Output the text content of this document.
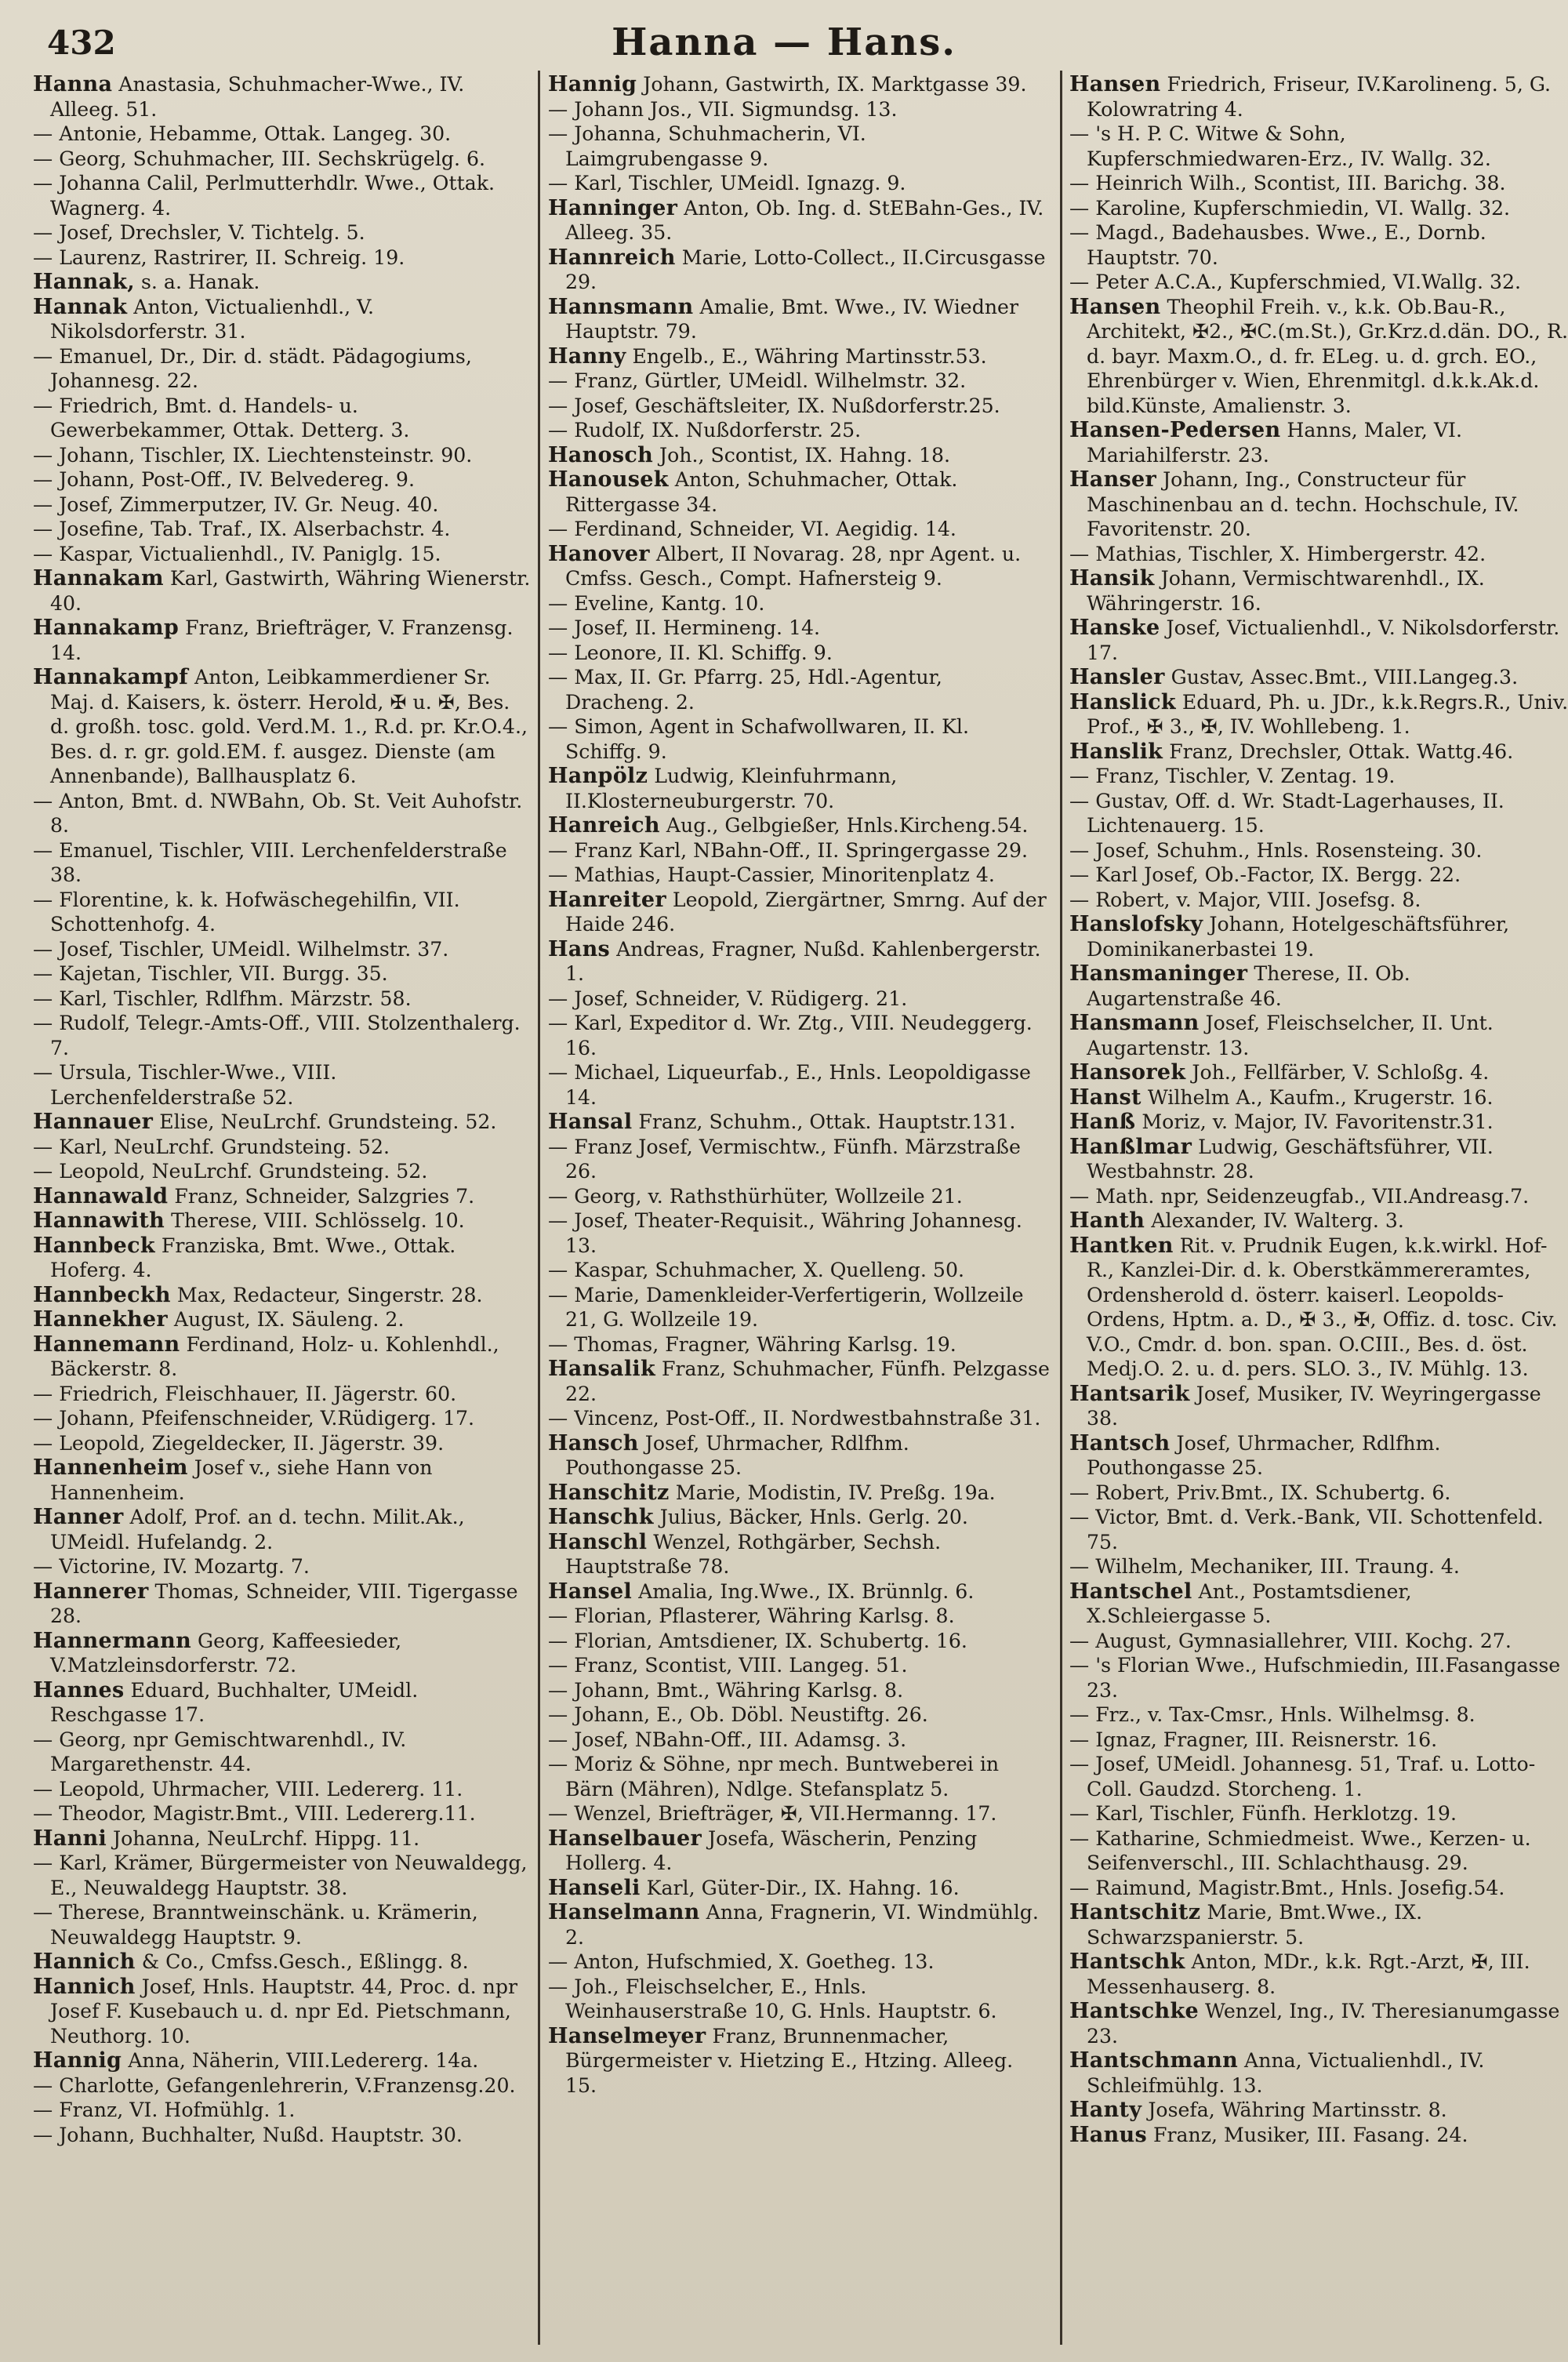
Hanna — Hans.
432

Hanna Anastasia, Schuhmacher-Wwe., IV. Alleeg. 51.

— Antonie, Hebamme, Ottak. Langeg. 30.

— Georg, Schuhmacher, III. Sechskrügelg. 6.

— Johanna Calil, Perlmutterhdlr. Wwe., Ottak. Wagnerg. 4.

— Josef, Drechsler, V. Tichtelg. 5.

— Laurenz, Rastrirer, II. Schreig. 19.

Hannak, s. a. Hanak.

Hannak Anton, Victualienhdl., V. Nikolsdorferstr. 31.

— Emanuel, Dr., Dir. d. städt. Pädagogiums, Johannesg. 22.

— Friedrich, Bmt. d. Handels- u. Gewerbekammer, Ottak. Detterg. 3.

— Johann, Tischler, IX. Liechtensteinstr. 90.

— Johann, Post-Off., IV. Belvedereg. 9.

— Josef, Zimmerputzer, IV. Gr. Neug. 40.

— Josefine, Tab. Traf., IX. Alserbachstr. 4.

— Kaspar, Victualienhdl., IV. Paniglg. 15.

Hannakam Karl, Gastwirth, Währing Wienerstr. 40.

Hannakamp Franz, Briefträger, V. Franzensg. 14.

Hannakampf Anton, Leibkammerdiener Sr. Maj. d. Kaisers, k. österr. Herold, ✠ u. ✠, Bes. d. großh. tosc. gold. Verd.M. 1., R.d. pr. Kr.O.4., Bes. d. r. gr. gold.EM. f. ausgez. Dienste (am Annenbande), Ballhausplatz 6.

— Anton, Bmt. d. NWBahn, Ob. St. Veit Auhofstr. 8.

— Emanuel, Tischler, VIII. Lerchenfelderstraße 38.

— Florentine, k. k. Hofwäschegehilfin, VII. Schottenhofg. 4.

— Josef, Tischler, UMeidl. Wilhelmstr. 37.

— Kajetan, Tischler, VII. Burgg. 35.

— Karl, Tischler, Rdlfhm. Märzstr. 58.

— Rudolf, Telegr.-Amts-Off., VIII. Stolzenthalerg. 7.

— Ursula, Tischler-Wwe., VIII. Lerchenfelderstraße 52.

Hannauer Elise, NeuLrchf. Grundsteing. 52.

— Karl, NeuLrchf. Grundsteing. 52.

— Leopold, NeuLrchf. Grundsteing. 52.

Hannawald Franz, Schneider, Salzgries 7.

Hannawith Therese, VIII. Schlösselg. 10.

Hannbeck Franziska, Bmt. Wwe., Ottak. Hoferg. 4.

Hannbeckh Max, Redacteur, Singerstr. 28.

Hannekher August, IX. Säuleng. 2.

Hannemann Ferdinand, Holz- u. Kohlenhdl., Bäckerstr. 8.

— Friedrich, Fleischhauer, II. Jägerstr. 60.

— Johann, Pfeifenschneider, V.Rüdigerg. 17.

— Leopold, Ziegeldecker, II. Jägerstr. 39.

Hannenheim Josef v., siehe Hann von Hannenheim.

Hanner Adolf, Prof. an d. techn. Milit.Ak., UMeidl. Hufelandg. 2.

— Victorine, IV. Mozartg. 7.

Hannerer Thomas, Schneider, VIII. Tigergasse 28.

Hannermann Georg, Kaffeesieder, V.Matzleinsdorferstr. 72.

Hannes Eduard, Buchhalter, UMeidl. Reschgasse 17.

— Georg, npr Gemischtwarenhdl., IV. Margarethenstr. 44.

— Leopold, Uhrmacher, VIII. Ledererg. 11.

— Theodor, Magistr.Bmt., VIII. Ledererg.11.

Hanni Johanna, NeuLrchf. Hippg. 11.

— Karl, Krämer, Bürgermeister von Neuwaldegg, E., Neuwaldegg Hauptstr. 38.

— Therese, Branntweinschänk. u. Krämerin, Neuwaldegg Hauptstr. 9.

Hannich & Co., Cmfss.Gesch., Eßlingg. 8.

Hannich Josef, Hnls. Hauptstr. 44, Proc. d. npr Josef F. Kusebauch u. d. npr Ed. Pietschmann, Neuthorg. 10.

Hannig Anna, Näherin, VIII.Ledererg. 14a.

— Charlotte, Gefangenlehrerin, V.Franzensg.20.

— Franz, VI. Hofmühlg. 1.

— Johann, Buchhalter, Nußd. Hauptstr. 30.

Hannig Johann, Gastwirth, IX. Marktgasse 39.

— Johann Jos., VII. Sigmundsg. 13.

— Johanna, Schuhmacherin, VI. Laimgrubengasse 9.

— Karl, Tischler, UMeidl. Ignazg. 9.

Hanninger Anton, Ob. Ing. d. StEBahn-Ges., IV. Alleeg. 35.

Hannreich Marie, Lotto-Collect., II.Circusgasse 29.

Hannsmann Amalie, Bmt. Wwe., IV. Wiedner Hauptstr. 79.

Hanny Engelb., E., Währing Martinsstr.53.

— Franz, Gürtler, UMeidl. Wilhelmstr. 32.

— Josef, Geschäftsleiter, IX. Nußdorferstr.25.

— Rudolf, IX. Nußdorferstr. 25.

Hanosch Joh., Scontist, IX. Hahng. 18.

Hanousek Anton, Schuhmacher, Ottak. Rittergasse 34.

— Ferdinand, Schneider, VI. Aegidig. 14.

Hanover Albert, II Novarag. 28, npr Agent. u. Cmfss. Gesch., Compt. Hafnersteig 9.

— Eveline, Kantg. 10.

— Josef, II. Hermineng. 14.

— Leonore, II. Kl. Schiffg. 9.

— Max, II. Gr. Pfarrg. 25, Hdl.-Agentur, Dracheng. 2.

— Simon, Agent in Schafwollwaren, II. Kl. Schiffg. 9.

Hanpölz Ludwig, Kleinfuhrmann, II.Klosterneuburgerstr. 70.

Hanreich Aug., Gelbgießer, Hnls.Kircheng.54.

— Franz Karl, NBahn-Off., II. Springergasse 29.

— Mathias, Haupt-Cassier, Minoritenplatz 4.

Hanreiter Leopold, Ziergärtner, Smrng. Auf der Haide 246.

Hans Andreas, Fragner, Nußd. Kahlenbergerstr. 1.

— Josef, Schneider, V. Rüdigerg. 21.

— Karl, Expeditor d. Wr. Ztg., VIII. Neudeggerg. 16.

— Michael, Liqueurfab., E., Hnls. Leopoldigasse 14.

Hansal Franz, Schuhm., Ottak. Hauptstr.131.

— Franz Josef, Vermischtw., Fünfh. Märzstraße 26.

— Georg, v. Rathsthürhüter, Wollzeile 21.

— Josef, Theater-Requisit., Währing Johannesg. 13.

— Kaspar, Schuhmacher, X. Quelleng. 50.

— Marie, Damenkleider-Verfertigerin, Wollzeile 21, G. Wollzeile 19.

— Thomas, Fragner, Währing Karlsg. 19.

Hansalik Franz, Schuhmacher, Fünfh. Pelzgasse 22.

— Vincenz, Post-Off., II. Nordwestbahnstraße 31.

Hansch Josef, Uhrmacher, Rdlfhm. Pouthongasse 25.

Hanschitz Marie, Modistin, IV. Preßg. 19a.

Hanschk Julius, Bäcker, Hnls. Gerlg. 20.

Hanschl Wenzel, Rothgärber, Sechsh. Hauptstraße 78.

Hansel Amalia, Ing.Wwe., IX. Brünnlg. 6.

— Florian, Pflasterer, Währing Karlsg. 8.

— Florian, Amtsdiener, IX. Schubertg. 16.

— Franz, Scontist, VIII. Langeg. 51.

— Johann, Bmt., Währing Karlsg. 8.

— Johann, E., Ob. Döbl. Neustiftg. 26.

— Josef, NBahn-Off., III. Adamsg. 3.

— Moriz & Söhne, npr mech. Buntweberei in Bärn (Mähren), Ndlge. Stefansplatz 5.

— Wenzel, Briefträger, ✠, VII.Hermanng. 17.

Hanselbauer Josefa, Wäscherin, Penzing Hollerg. 4.

Hanseli Karl, Güter-Dir., IX. Hahng. 16.

Hanselmann Anna, Fragnerin, VI. Windmühlg. 2.

— Anton, Hufschmied, X. Goetheg. 13.

— Joh., Fleischselcher, E., Hnls. Weinhauserstraße 10, G. Hnls. Hauptstr. 6.

Hanselmeyer Franz, Brunnenmacher, Bürgermeister v. Hietzing E., Htzing. Alleeg. 15.

Hansen Friedrich, Friseur, IV.Karolineng. 5, G. Kolowratring 4.

— 's H. P. C. Witwe & Sohn, Kupferschmiedwaren-Erz., IV. Wallg. 32.

— Heinrich Wilh., Scontist, III. Barichg. 38.

— Karoline, Kupferschmiedin, VI. Wallg. 32.

— Magd., Badehausbes. Wwe., E., Dornb. Hauptstr. 70.

— Peter A.C.A., Kupferschmied, VI.Wallg. 32.

Hansen Theophil Freih. v., k.k. Ob.Bau-R., Architekt, ✠2., ✠C.(m.St.), Gr.Krz.d.dän. DO., R. d. bayr. Maxm.O., d. fr. ELeg. u. d. grch. EO., Ehrenbürger v. Wien, Ehrenmitgl. d.k.k.Ak.d. bild.Künste, Amalienstr. 3.

Hansen-Pedersen Hanns, Maler, VI. Mariahilferstr. 23.

Hanser Johann, Ing., Constructeur für Maschinenbau an d. techn. Hochschule, IV. Favoritenstr. 20.

— Mathias, Tischler, X. Himbergerstr. 42.

Hansik Johann, Vermischtwarenhdl., IX. Währingerstr. 16.

Hanske Josef, Victualienhdl., V. Nikolsdorferstr. 17.

Hansler Gustav, Assec.Bmt., VIII.Langeg.3.

Hanslick Eduard, Ph. u. JDr., k.k.Regrs.R., Univ. Prof., ✠ 3., ✠, IV. Wohllebeng. 1.

Hanslik Franz, Drechsler, Ottak. Wattg.46.

— Franz, Tischler, V. Zentag. 19.

— Gustav, Off. d. Wr. Stadt-Lagerhauses, II. Lichtenauerg. 15.

— Josef, Schuhm., Hnls. Rosensteing. 30.

— Karl Josef, Ob.-Factor, IX. Bergg. 22.

— Robert, v. Major, VIII. Josefsg. 8.

Hanslofsky Johann, Hotelgeschäftsführer, Dominikanerbastei 19.

Hansmaninger Therese, II. Ob. Augartenstraße 46.

Hansmann Josef, Fleischselcher, II. Unt. Augartenstr. 13.

Hansorek Joh., Fellfärber, V. Schloßg. 4.

Hanst Wilhelm A., Kaufm., Krugerstr. 16.

Hanß Moriz, v. Major, IV. Favoritenstr.31.

Hanßlmar Ludwig, Geschäftsführer, VII. Westbahnstr. 28.

— Math. npr, Seidenzeugfab., VII.Andreasg.7.

Hanth Alexander, IV. Walterg. 3.

Hantken Rit. v. Prudnik Eugen, k.k.wirkl. Hof-R., Kanzlei-Dir. d. k. Oberstkämmereramtes, Ordensherold d. österr. kaiserl. Leopolds-Ordens, Hptm. a. D., ✠ 3., ✠, Offiz. d. tosc. Civ. V.O., Cmdr. d. bon. span. O.CIII., Bes. d. öst. Medj.O. 2. u. d. pers. SLO. 3., IV. Mühlg. 13.

Hantsarik Josef, Musiker, IV. Weyringergasse 38.

Hantsch Josef, Uhrmacher, Rdlfhm. Pouthongasse 25.

— Robert, Priv.Bmt., IX. Schubertg. 6.

— Victor, Bmt. d. Verk.-Bank, VII. Schottenfeld. 75.

— Wilhelm, Mechaniker, III. Traung. 4.

Hantschel Ant., Postamtsdiener, X.Schleiergasse 5.

— August, Gymnasiallehrer, VIII. Kochg. 27.

— 's Florian Wwe., Hufschmiedin, III.Fasangasse 23.

— Frz., v. Tax-Cmsr., Hnls. Wilhelmsg. 8.

— Ignaz, Fragner, III. Reisnerstr. 16.

— Josef, UMeidl. Johannesg. 51, Traf. u. Lotto-Coll. Gaudzd. Storcheng. 1.

— Karl, Tischler, Fünfh. Herklotzg. 19.

— Katharine, Schmiedmeist. Wwe., Kerzen- u. Seifenverschl., III. Schlachthausg. 29.

— Raimund, Magistr.Bmt., Hnls. Josefig.54.

Hantschitz Marie, Bmt.Wwe., IX. Schwarzspanierstr. 5.

Hantschk Anton, MDr., k.k. Rgt.-Arzt, ✠, III. Messenhauserg. 8.

Hantschke Wenzel, Ing., IV. Theresianumgasse 23.

Hantschmann Anna, Victualienhdl., IV. Schleifmühlg. 13.

Hanty Josefa, Währing Martinsstr. 8.

Hanus Franz, Musiker, III. Fasang. 24.
